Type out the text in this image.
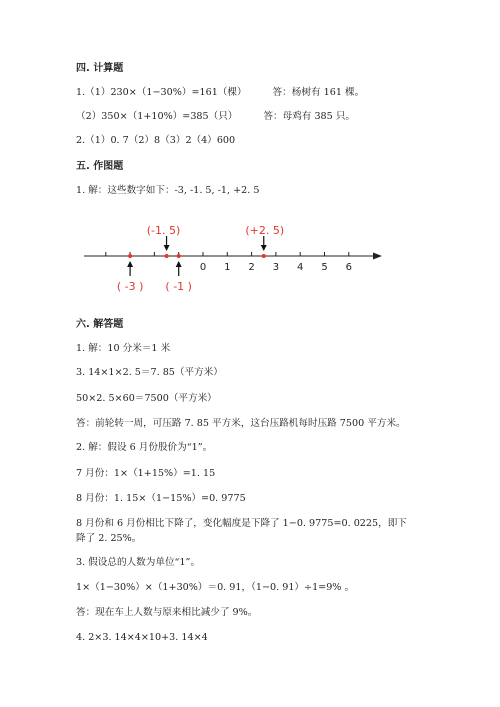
四. 计算题
1.（1）230×（1−30%）=161（棵）	答：杨树有 161 棵。
（2）350×（1+10%）=385（只）	答：母鸡有 385 只。
2.（1）0. 7（2）8（3）2（4）600
五. 作图题
1. 解：这些数字如下：-3, -1. 5, -1, +2. 5
0 1 2 3 4 5 6
(-1. 5)	(+2. 5)
( -3 ) ( -1 )
六. 解答题
1. 解：10 分米＝1 米
3. 14×1×2. 5＝7. 85（平方米）
50×2. 5×60＝7500（平方米）
答：前轮转一周，可压路 7. 85 平方米，这台压路机每时压路 7500 平方米。
2. 解：假设 6 月份股价为“1”。
7 月份：1×（1+15%）=1. 15
8 月份：1. 15×（1−15%）=0. 9775
8 月份和 6 月份相比下降了，变化幅度是下降了 1−0. 9775=0. 0225，即下降了 2. 25%。
3. 假设总的人数为单位“1”。
1×（1−30%）×（1+30%）＝0. 91，（1−0. 91）÷1=9% 。
答：现在车上人数与原来相比减少了 9%。
4. 2×3. 14×4×10+3. 14×4
